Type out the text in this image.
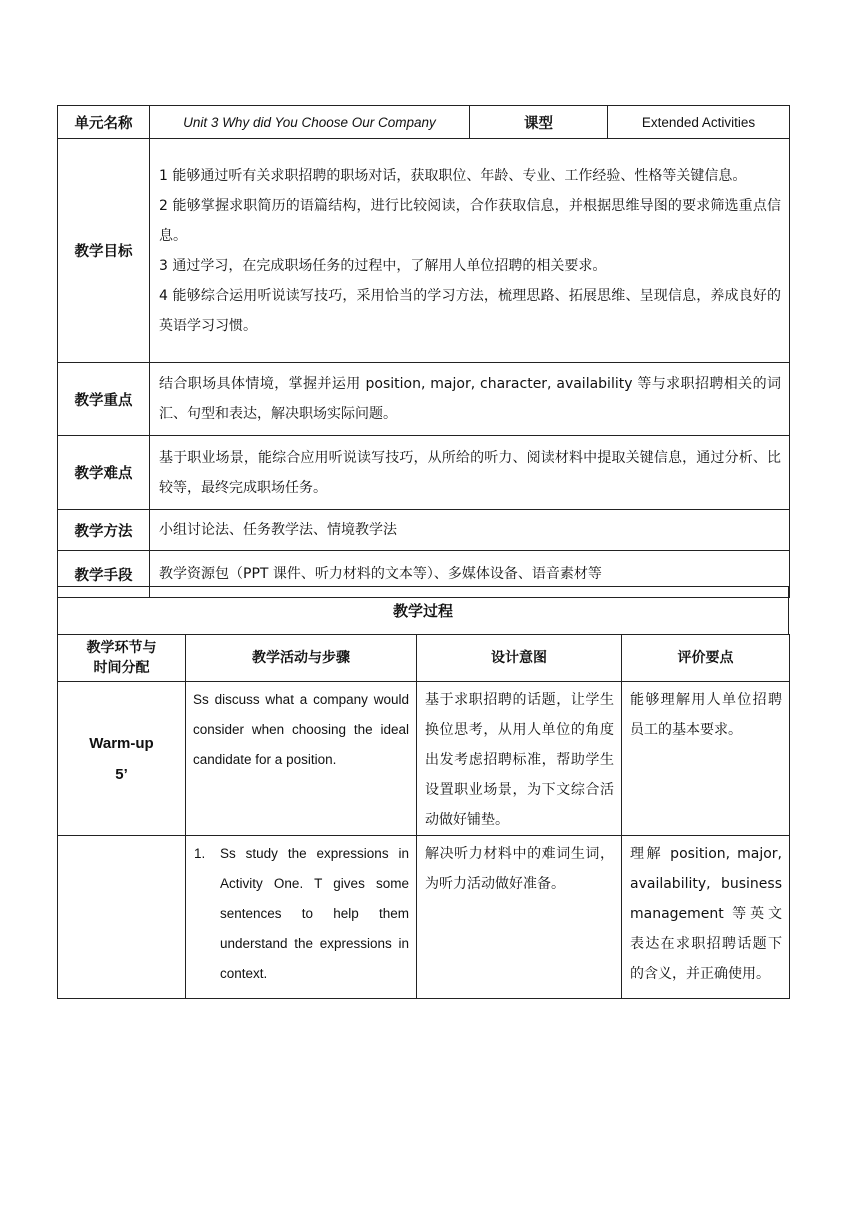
单元名称	Unit 3 Why did You Choose Our Company	课型	Extended Activities
教学目标	1 能够通过听有关求职招聘的职场对话，获取职位、年龄、专业、工作经验、性格等关键信息。

2 能够掌握求职简历的语篇结构，进行比较阅读，合作获取信息，并根据思维导图的要求筛选重点信息。

3 通过学习，在完成职场任务的过程中，了解用人单位招聘的相关要求。

4 能够综合运用听说读写技巧，采用恰当的学习方法，梳理思路、拓展思维、呈现信息，养成良好的英语学习习惯。		

教学重点	结合职场具体情境，掌握并运用 position, major, character, availability 等与求职招聘相关的词汇、句型和表达，解决职场实际问题。		
教学难点	基于职业场景，能综合应用听说读写技巧，从所给的听力、阅读材料中提取关键信息，通过分析、比较等，最终完成职场任务。		
教学方法	小组讨论法、任务教学法、情境教学法		
教学手段	教学资源包（PPT 课件、听力材料的文本等）、多媒体设备、语音素材等		
教学过程
教学环节与
时间分配	教学活动与步骤	设计意图	评价要点

Warm-up
5’	Ss discuss what a company would consider when choosing the ideal candidate for a position.	基于求职招聘的话题，让学生换位思考，从用人单位的角度出发考虑招聘标准，帮助学生设置职业场景，为下文综合活动做好铺垫。	能够理解用人单位招聘员工的基本要求。

	1. Ss study the expressions in Activity One. T gives some sentences to help them understand the expressions in context.	解决听力材料中的难词生词，为听力活动做好准备。	理解 position, major, availability, business management 等英文表达在求职招聘话题下的含义，并正确使用。
